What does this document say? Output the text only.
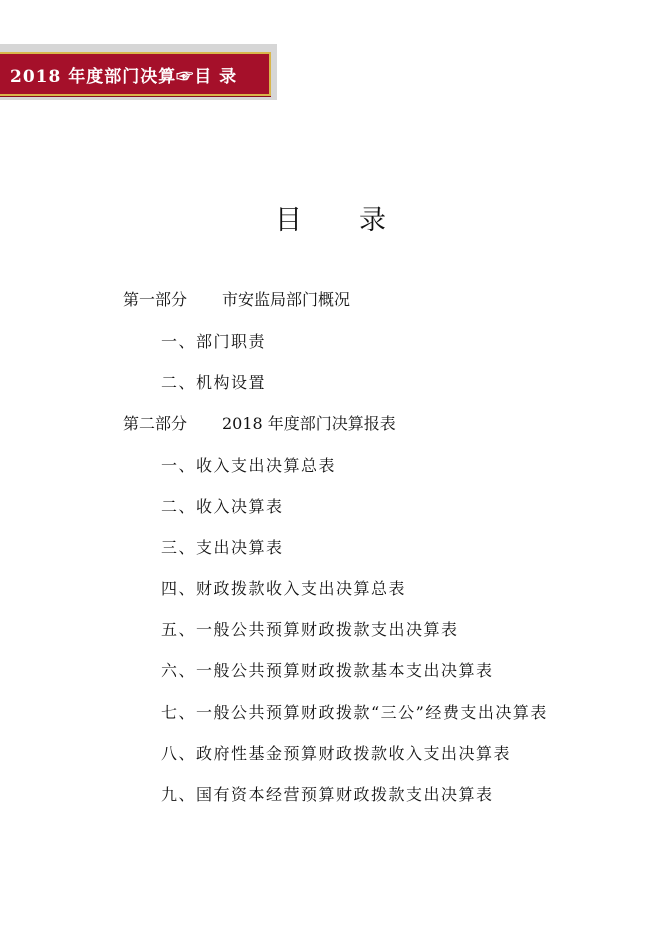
2018 年度部门决算☞目 录
目 录
第一部分 市安监局部门概况
一、部门职责
二、机构设置
第二部分 2018 年度部门决算报表
一、收入支出决算总表
二、收入决算表
三、支出决算表
四、财政拨款收入支出决算总表
五、一般公共预算财政拨款支出决算表
六、一般公共预算财政拨款基本支出决算表
七、一般公共预算财政拨款“三公”经费支出决算表
八、政府性基金预算财政拨款收入支出决算表
九、国有资本经营预算财政拨款支出决算表
